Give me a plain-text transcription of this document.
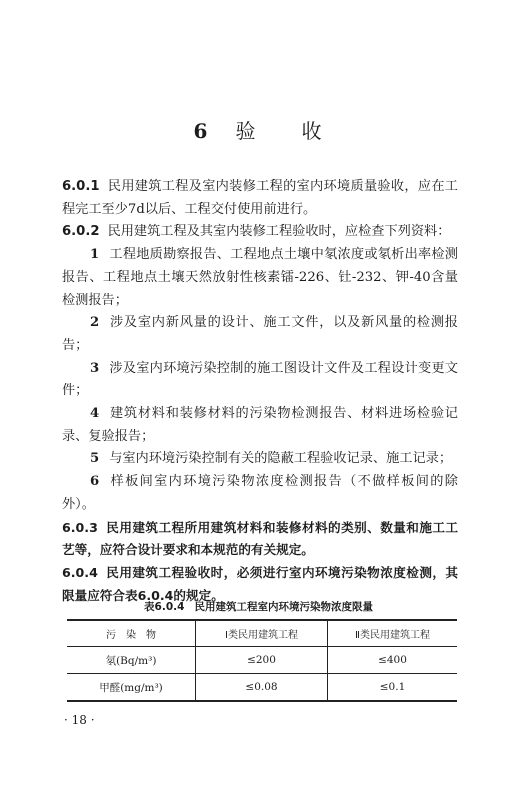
6 验 收

6.0.1 民用建筑工程及室内装修工程的室内环境质量验收，应在工程完工至少7d以后、工程交付使用前进行。

6.0.2 民用建筑工程及其室内装修工程验收时，应检查下列资料：

1 工程地质勘察报告、工程地点土壤中氡浓度或氡析出率检测报告、工程地点土壤天然放射性核素镭-226、钍-232、钾-40含量检测报告；

2 涉及室内新风量的设计、施工文件，以及新风量的检测报告；

3 涉及室内环境污染控制的施工图设计文件及工程设计变更文件；

4 建筑材料和装修材料的污染物检测报告、材料进场检验记录、复验报告；

5 与室内环境污染控制有关的隐蔽工程验收记录、施工记录；

6 样板间室内环境污染物浓度检测报告（不做样板间的除外）。

6.0.3 民用建筑工程所用建筑材料和装修材料的类别、数量和施工工艺等，应符合设计要求和本规范的有关规定。

6.0.4 民用建筑工程验收时，必须进行室内环境污染物浓度检测，其限量应符合表6.0.4的规定。

表6.0.4 民用建筑工程室内环境污染物浓度限量
污　染　物	Ⅰ类民用建筑工程	Ⅱ类民用建筑工程
氡(Bq/m³)	≤200	≤400
甲醛(mg/m³)	≤0.08	≤0.1
· 18 ·
